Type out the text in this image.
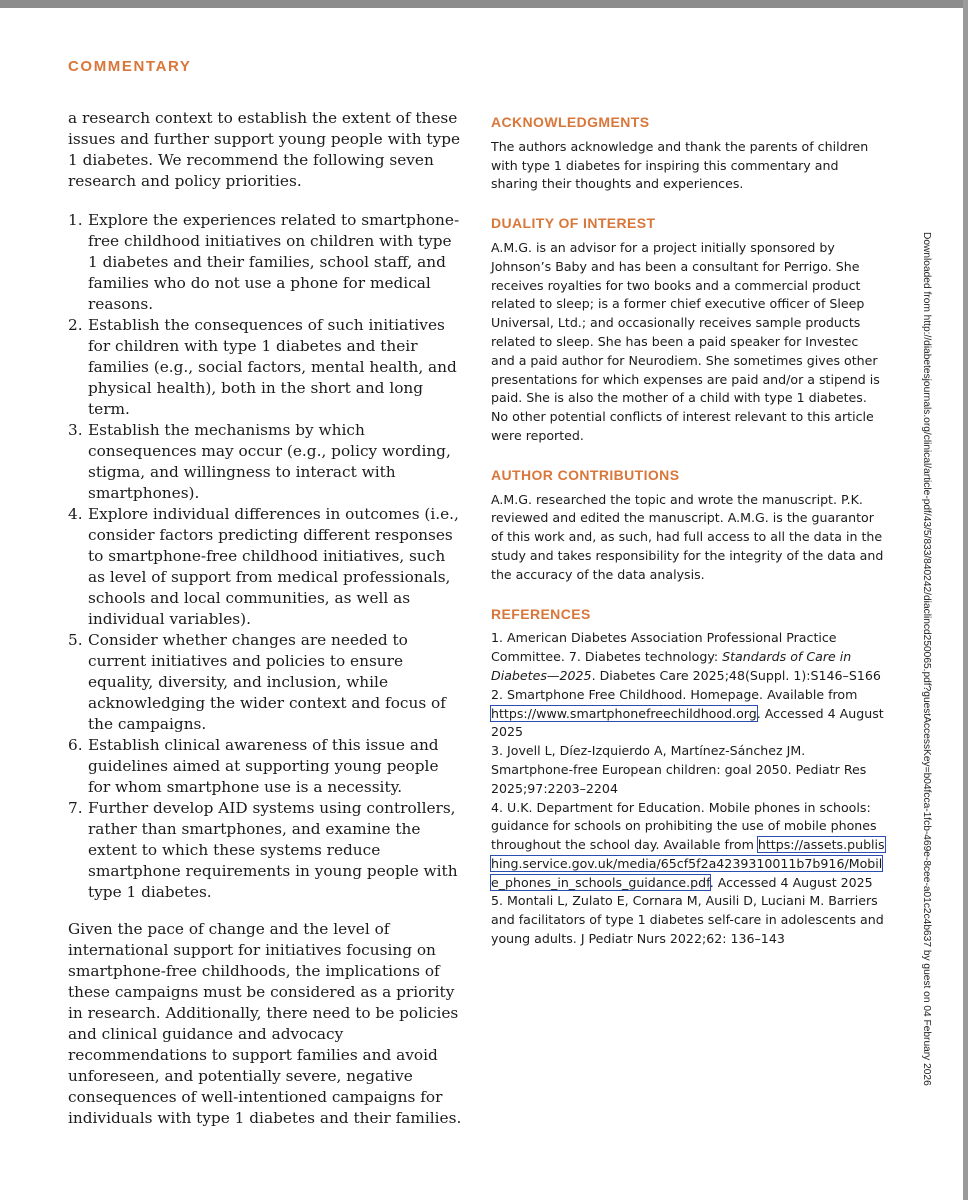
COMMENTARY

a research context to establish the extent of these issues and further support young people with type 1 diabetes. We recommend the following seven research and policy priorities.

1. Explore the experiences related to smartphone-free childhood initiatives on children with type 1 diabetes and their families, school staff, and families who do not use a phone for medical reasons.
2. Establish the consequences of such initiatives for children with type 1 diabetes and their families (e.g., social factors, mental health, and physical health), both in the short and long term.
3. Establish the mechanisms by which consequences may occur (e.g., policy wording, stigma, and willingness to interact with smartphones).
4. Explore individual differences in outcomes (i.e., consider factors predicting different responses to smartphone-free childhood initiatives, such as level of support from medical professionals, schools and local communities, as well as individual variables).
5. Consider whether changes are needed to current initiatives and policies to ensure equality, diversity, and inclusion, while acknowledging the wider context and focus of the campaigns.
6. Establish clinical awareness of this issue and guidelines aimed at supporting young people for whom smartphone use is a necessity.
7. Further develop AID systems using controllers, rather than smartphones, and examine the extent to which these systems reduce smartphone requirements in young people with type 1 diabetes.

Given the pace of change and the level of international support for initiatives focusing on smartphone-free childhoods, the implications of these campaigns must be considered as a priority in research. Additionally, there need to be policies and clinical guidance and advocacy recommendations to support families and avoid unforeseen, and potentially severe, negative consequences of well-intentioned campaigns for individuals with type 1 diabetes and their families.

ACKNOWLEDGMENTS

The authors acknowledge and thank the parents of children with type 1 diabetes for inspiring this commentary and sharing their thoughts and experiences.

DUALITY OF INTEREST

A.M.G. is an advisor for a project initially sponsored by Johnson’s Baby and has been a consultant for Perrigo. She receives royalties for two books and a commercial product related to sleep; is a former chief executive officer of Sleep Universal, Ltd.; and occasionally receives sample products related to sleep. She has been a paid speaker for Investec and a paid author for Neurodiem. She sometimes gives other presentations for which expenses are paid and/or a stipend is paid. She is also the mother of a child with type 1 diabetes. No other potential conflicts of interest relevant to this article were reported.

AUTHOR CONTRIBUTIONS

A.M.G. researched the topic and wrote the manuscript. P.K. reviewed and edited the manuscript. A.M.G. is the guarantor of this work and, as such, had full access to all the data in the study and takes responsibility for the integrity of the data and the accuracy of the data analysis.

REFERENCES

1. American Diabetes Association Professional Practice Committee. 7. Diabetes technology: Standards of Care in Diabetes—2025. Diabetes Care 2025;48(Suppl. 1):S146–S166

2. Smartphone Free Childhood. Homepage. Available from https://www.smartphonefreechildhood.org. Accessed 4 August 2025

3. Jovell L, Díez-Izquierdo A, Martínez-Sánchez JM. Smartphone-free European children: goal 2050. Pediatr Res 2025;97:2203–2204

4. U.K. Department for Education. Mobile phones in schools: guidance for schools on prohibiting the use of mobile phones throughout the school day. Available from https://assets.publishing.service.gov.uk/media/65cf5f2a4239310011b7b916/Mobile_phones_in_schools_guidance.pdf. Accessed 4 August 2025

5. Montali L, Zulato E, Cornara M, Ausili D, Luciani M. Barriers and facilitators of type 1 diabetes self-care in adolescents and young adults. J Pediatr Nurs 2022;62: 136–143	Downloaded from http://diabetesjournals.org/clinical/article-pdf/43/5/833/840242/diaclincd250065.pdf?guestAccessKey=b04fcca-1fcb-469e-8cee-a01c2c4b637 by guest on 04 February 2026
